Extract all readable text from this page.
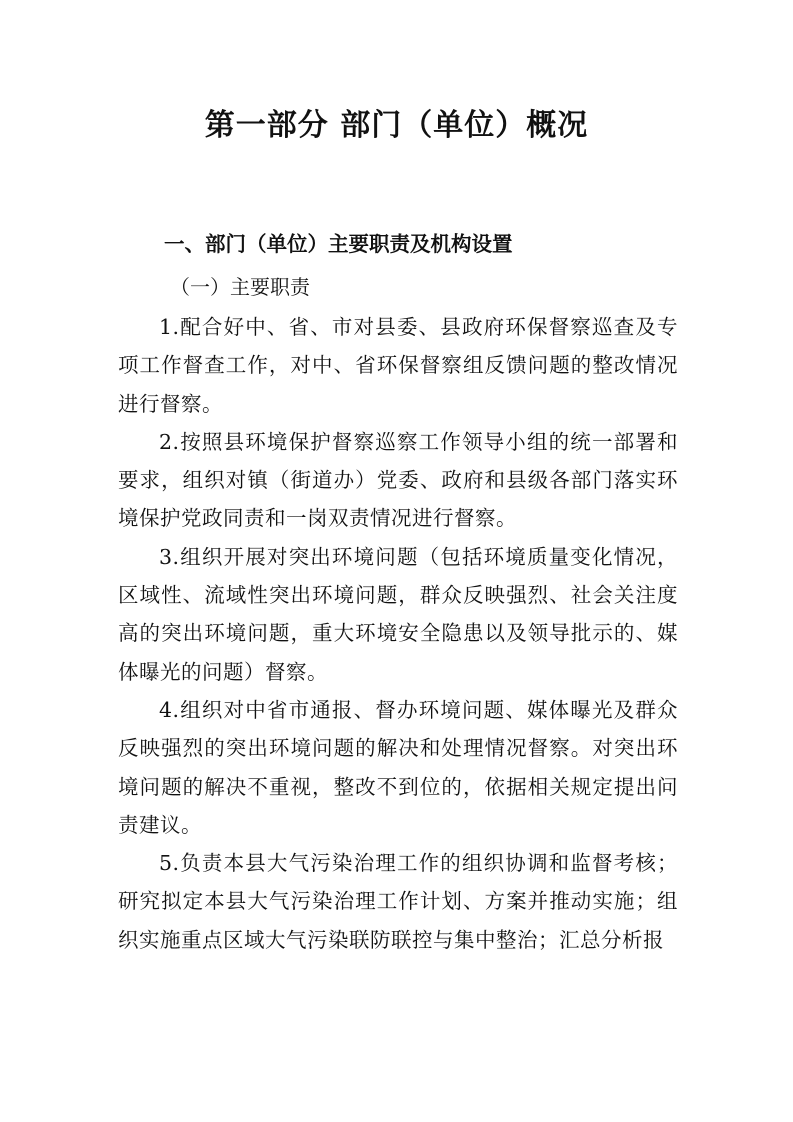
第一部分 部门（单位）概况
一、部门（单位）主要职责及机构设置
（一）主要职责

1.配合好中、省、市对县委、县政府环保督察巡查及专项工作督查工作，对中、省环保督察组反馈问题的整改情况进行督察。

2.按照县环境保护督察巡察工作领导小组的统一部署和要求，组织对镇（街道办）党委、政府和县级各部门落实环境保护党政同责和一岗双责情况进行督察。

3.组织开展对突出环境问题（包括环境质量变化情况，区域性、流域性突出环境问题，群众反映强烈、社会关注度高的突出环境问题，重大环境安全隐患以及领导批示的、媒体曝光的问题）督察。

4.组织对中省市通报、督办环境问题、媒体曝光及群众反映强烈的突出环境问题的解决和处理情况督察。对突出环境问题的解决不重视，整改不到位的，依据相关规定提出问责建议。

5.负责本县大气污染治理工作的组织协调和监督考核；研究拟定本县大气污染治理工作计划、方案并推动实施；组织实施重点区域大气污染联防联控与集中整治；汇总分析报
